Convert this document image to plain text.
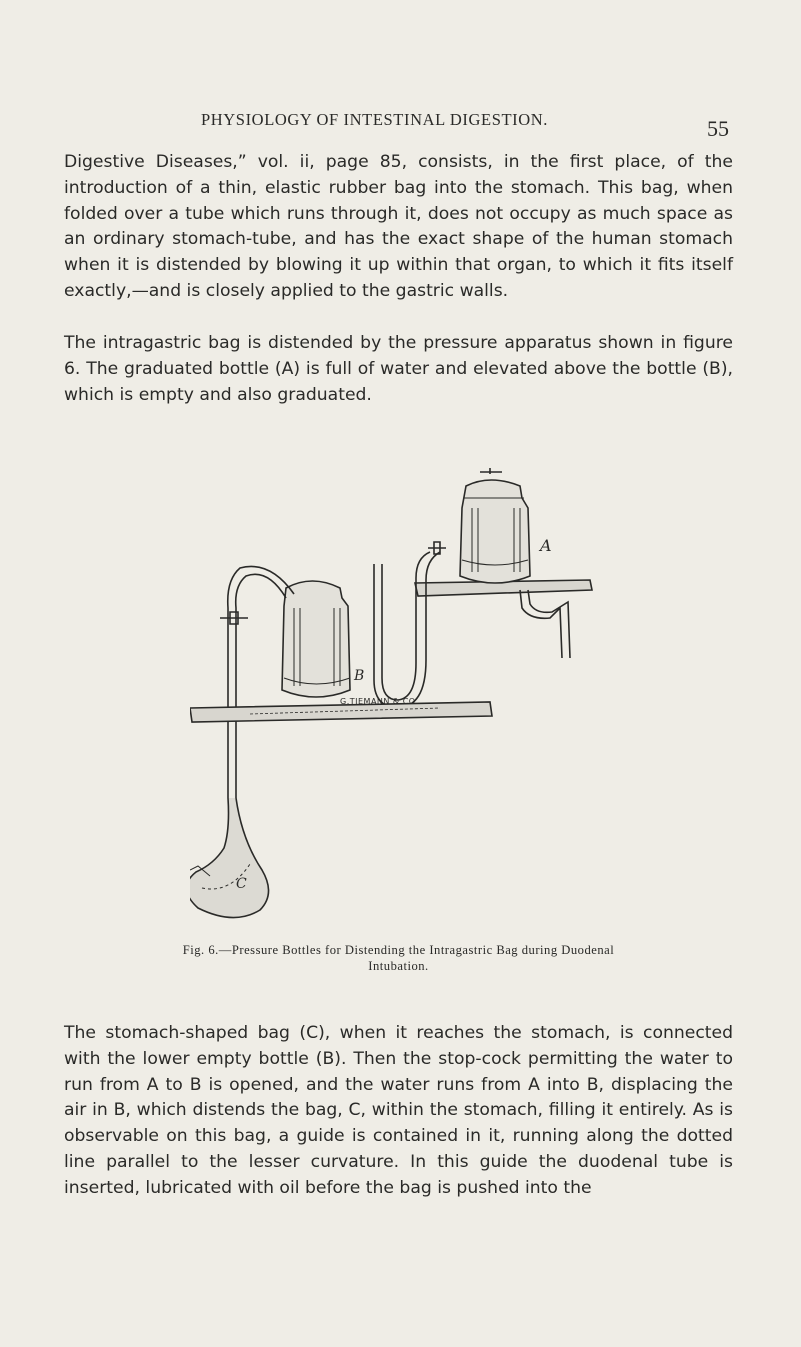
PHYSIOLOGY OF INTESTINAL DIGESTION.	55

Digestive Diseases,” vol. ii, page 85, consists, in the first place, of the introduction of a thin, elastic rubber bag into the stomach. This bag, when folded over a tube which runs through it, does not occupy as much space as an ordinary stomach-tube, and has the exact shape of the human stomach when it is distended by blowing it up within that organ, to which it fits itself exactly,—and is closely applied to the gastric walls.

The intragastric bag is distended by the pressure apparatus shown in figure 6. The graduated bottle (A) is full of water and elevated above the bottle (B), which is empty and also graduated.

A
B
C
G.TIEMANN & CO.
Fig. 6.—Pressure Bottles for Distending the Intragastric Bag during Duodenal
Intubation.

The stomach-shaped bag (C), when it reaches the stomach, is connected with the lower empty bottle (B). Then the stop-cock permitting the water to run from A to B is opened, and the water runs from A into B, displacing the air in B, which distends the bag, C, within the stomach, filling it entirely. As is observable on this bag, a guide is contained in it, running along the dotted line parallel to the lesser curvature. In this guide the duodenal tube is inserted, lubricated with oil before the bag is pushed into the
